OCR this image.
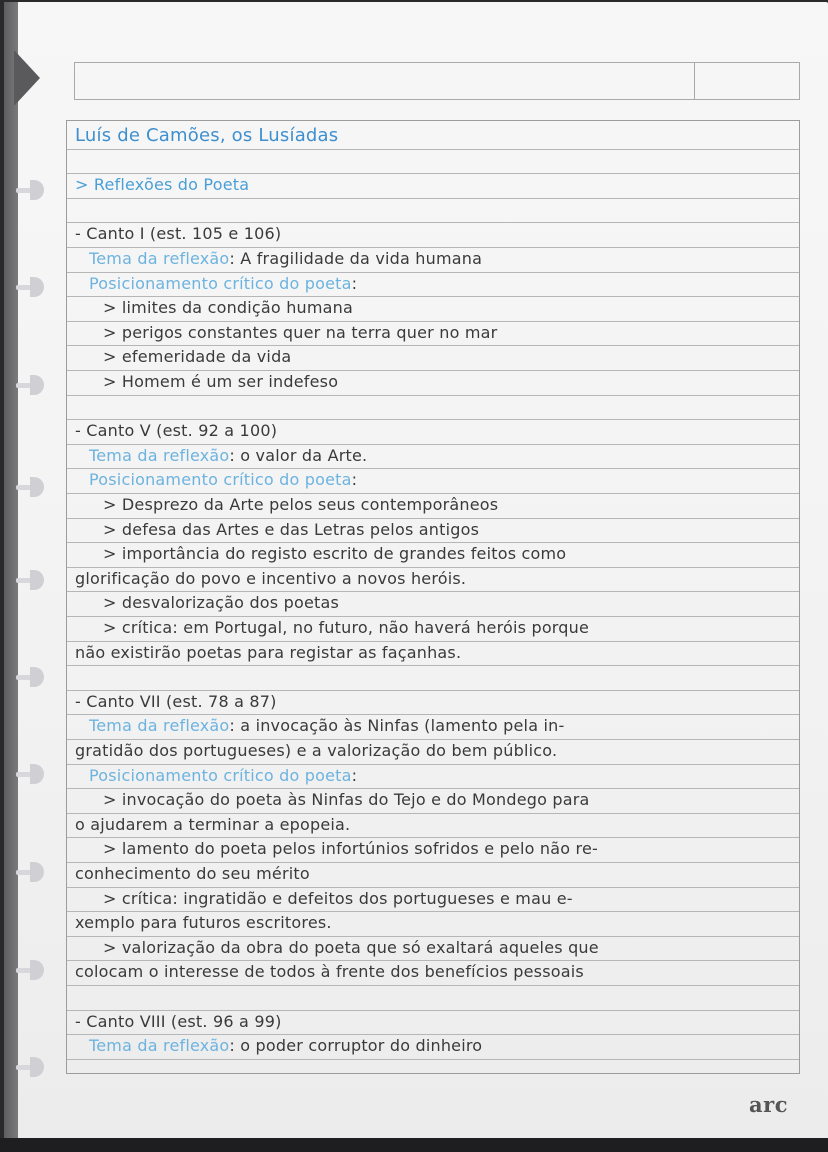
Luís de Camões, os Lusíadas
> Reflexões do Poeta
- Canto I (est. 105 e 106)
Tema da reflexão: A fragilidade da vida humana
Posicionamento crítico do poeta:
> limites da condição humana
> perigos constantes quer na terra quer no mar
> efemeridade da vida
> Homem é um ser indefeso
- Canto V (est. 92 a 100)
Tema da reflexão: o valor da Arte.
Posicionamento crítico do poeta:
> Desprezo da Arte pelos seus contemporâneos
> defesa das Artes e das Letras pelos antigos
> importância do registo escrito de grandes feitos como
glorificação do povo e incentivo a novos heróis.
> desvalorização dos poetas
> crítica: em Portugal, no futuro, não haverá heróis porque
não existirão poetas para registar as façanhas.
- Canto VII (est. 78 a 87)
Tema da reflexão: a invocação às Ninfas (lamento pela in-
gratidão dos portugueses) e a valorização do bem público.
Posicionamento crítico do poeta:
> invocação do poeta às Ninfas do Tejo e do Mondego para
o ajudarem a terminar a epopeia.
> lamento do poeta pelos infortúnios sofridos e pelo não re-
conhecimento do seu mérito
> crítica: ingratidão e defeitos dos portugueses e mau e-
xemplo para futuros escritores.
> valorização da obra do poeta que só exaltará aqueles que
colocam o interesse de todos à frente dos benefícios pessoais
- Canto VIII (est. 96 a 99)
Tema da reflexão: o poder corruptor do dinheiro
arc
